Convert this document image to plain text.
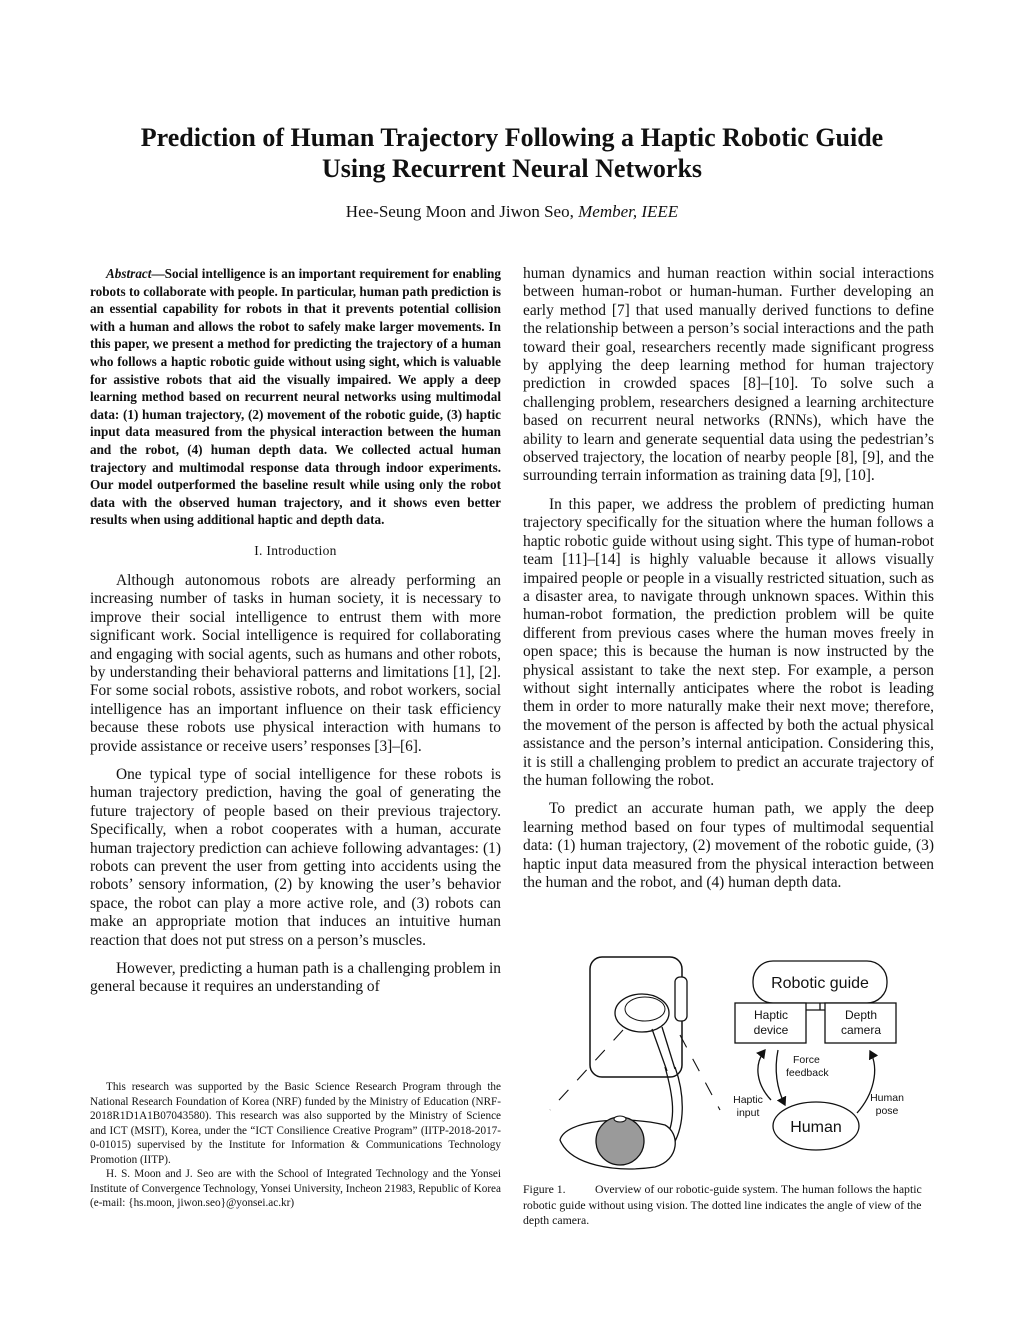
Prediction of Human Trajectory Following a Haptic Robotic Guide
Using Recurrent Neural Networks

Hee-Seung Moon and Jiwon Seo, Member, IEEE

Abstract—Social intelligence is an important requirement for enabling robots to collaborate with people. In particular, human path prediction is an essential capability for robots in that it prevents potential collision with a human and allows the robot to safely make larger movements. In this paper, we present a method for predicting the trajectory of a human who follows a haptic robotic guide without using sight, which is valuable for assistive robots that aid the visually impaired. We apply a deep learning method based on recurrent neural networks using multimodal data: (1) human trajectory, (2) movement of the robotic guide, (3) haptic input data measured from the physical interaction between the human and the robot, (4) human depth data. We collected actual human trajectory and multimodal response data through indoor experiments. Our model outperformed the baseline result while using only the robot data with the observed human trajectory, and it shows even better results when using additional haptic and depth data.

I. Introduction

Although autonomous robots are already performing an increasing number of tasks in human society, it is necessary to improve their social intelligence to entrust them with more significant work. Social intelligence is required for collaborating and engaging with social agents, such as humans and other robots, by understanding their behavioral patterns and limitations [1], [2]. For some social robots, assistive robots, and robot workers, social intelligence has an important influence on their task efficiency because these robots use physical interaction with humans to provide assistance or receive users’ responses [3]–[6].

One typical type of social intelligence for these robots is human trajectory prediction, having the goal of generating the future trajectory of people based on their previous trajectory. Specifically, when a robot cooperates with a human, accurate human trajectory prediction can achieve following advantages: (1) robots can prevent the user from getting into accidents using the robots’ sensory information, (2) by knowing the user’s behavior space, the robot can play a more active role, and (3) robots can make an appropriate motion that induces an intuitive human reaction that does not put stress on a person’s muscles.

However, predicting a human path is a challenging problem in general because it requires an understanding of

This research was supported by the Basic Science Research Program through the National Research Foundation of Korea (NRF) funded by the Ministry of Education (NRF-2018R1D1A1B07043580). This research was also supported by the Ministry of Science and ICT (MSIT), Korea, under the “ICT Consilience Creative Program” (IITP-2018-2017-0-01015) supervised by the Institute for Information & Communications Technology Promotion (IITP).

H. S. Moon and J. Seo are with the School of Integrated Technology and the Yonsei Institute of Convergence Technology, Yonsei University, Incheon 21983, Republic of Korea (e-mail: {hs.moon, jiwon.seo}@yonsei.ac.kr)

human dynamics and human reaction within social interactions between human-robot or human-human. Further developing an early method [7] that used manually derived functions to define the relationship between a person’s social interactions and the path toward their goal, researchers recently made significant progress by applying the deep learning method for human trajectory prediction in crowded spaces [8]–[10]. To solve such a challenging problem, researchers designed a learning architecture based on recurrent neural networks (RNNs), which have the ability to learn and generate sequential data using the pedestrian’s observed trajectory, the location of nearby people [8], [9], and the surrounding terrain information as training data [9], [10].

In this paper, we address the problem of predicting human trajectory specifically for the situation where the human follows a haptic robotic guide without using sight. This type of human-robot team [11]–[14] is highly valuable because it allows visually impaired people or people in a visually restricted situation, such as a disaster area, to navigate through unknown spaces. Within this human-robot formation, the prediction problem will be quite different from previous cases where the human moves freely in open space; this is because the human is now instructed by the physical assistant to take the next step. For example, a person without sight internally anticipates where the robot is leading them in order to more naturally make their next move; therefore, the movement of the person is affected by both the actual physical assistance and the person’s internal anticipation. Considering this, it is still a challenging problem to predict an accurate trajectory of the human following the robot.

To predict an accurate human path, we apply the deep learning method based on four types of multimodal sequential data: (1) human trajectory, (2) movement of the robotic guide, (3) haptic input data measured from the physical interaction between the human and the robot, and (4) human depth data.

Robotic guide
Haptic
device
Depth
camera
Human
Force
feedback
Haptic
input
Human
pose
Figure 1. Overview of our robotic-guide system. The human follows the haptic robotic guide without using vision. The dotted line indicates the angle of view of the depth camera.
